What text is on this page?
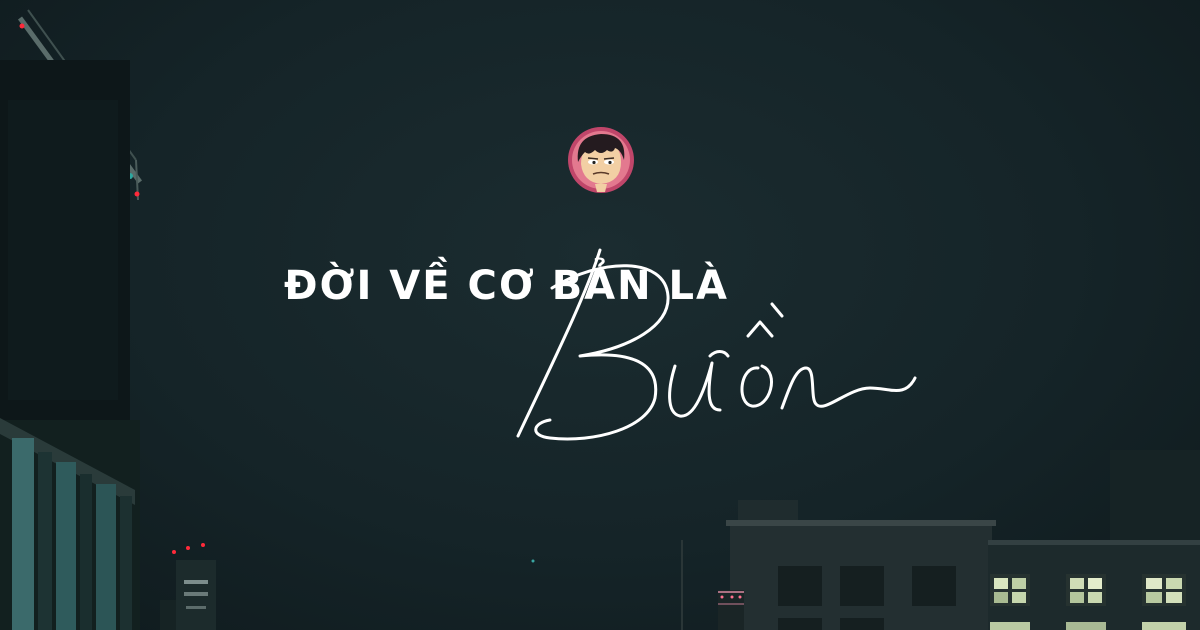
ĐỜI VỀ CƠ BẢN LÀ
